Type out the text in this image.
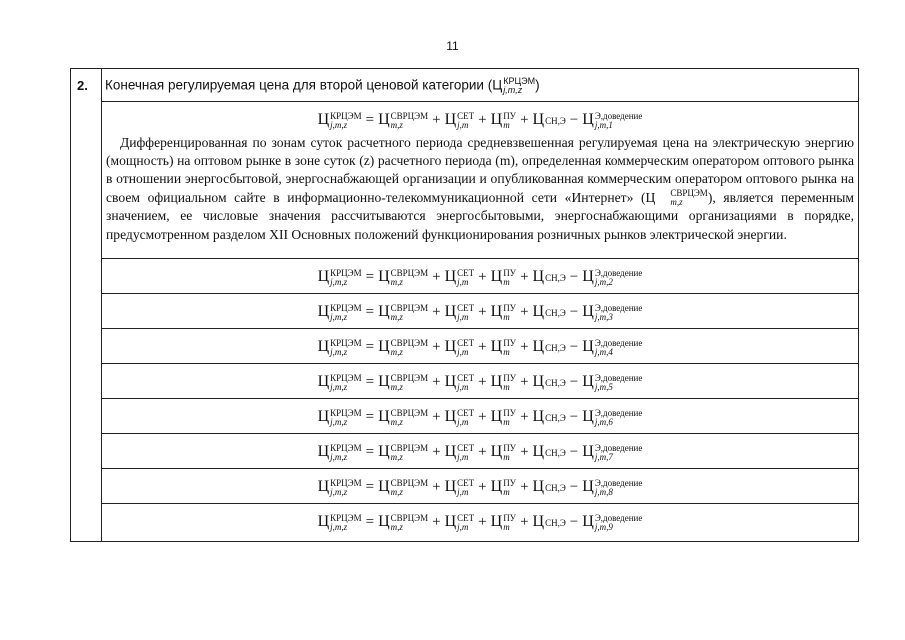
11
2.	Конечная регулируемая цена для второй ценовой категории (Ц КРЦЭМ
j,m,z )
Ц КРЦЭМ
j,m,z	= Ц СВРЦЭМ
m,z	+ Ц СЕТ
j,m + Ц ПУ
m + Ц СН,Э − Ц Э,доведение
j,m,1
Дифференцированная по зонам суток расчетного периода средневзвешенная регулируемая цена на электрическую энергию (мощность) на оптовом рынке в зоне суток (z) расчетного периода (m), определенная коммерческим оператором оптового рынка в отношении энергосбытовой, энергоснабжающей организации и опубликованная коммерческим оператором оптового рынка на своем официальном сайте в информационно-телекоммуникационной сети «Интернет» (Ц	СВРЦЭМ
m,z	), является переменным значением, ее числовые значения рассчитываются энергосбытовыми, энергоснабжающими организациями в порядке, предусмотренном разделом XII Основных положений функционирования розничных рынков электрической энергии.
Ц КРЦЭМ
j,m,z	= Ц СВРЦЭМ
m,z	+ Ц СЕТ
j,m + Ц ПУ
m + Ц СН,Э − Ц Э,доведение
j,m,2
Ц КРЦЭМ
j,m,z	= Ц СВРЦЭМ
m,z	+ Ц СЕТ
j,m + Ц ПУ
m + Ц СН,Э − Ц Э,доведение
j,m,3
Ц КРЦЭМ
j,m,z	= Ц СВРЦЭМ
m,z	+ Ц СЕТ
j,m + Ц ПУ
m + Ц СН,Э − Ц Э,доведение
j,m,4
Ц КРЦЭМ
j,m,z	= Ц СВРЦЭМ
m,z	+ Ц СЕТ
j,m + Ц ПУ
m + Ц СН,Э − Ц Э,доведение
j,m,5
Ц КРЦЭМ
j,m,z	= Ц СВРЦЭМ
m,z	+ Ц СЕТ
j,m + Ц ПУ
m + Ц СН,Э − Ц Э,доведение
j,m,6
Ц КРЦЭМ
j,m,z	= Ц СВРЦЭМ
m,z	+ Ц СЕТ
j,m + Ц ПУ
m + Ц СН,Э − Ц Э,доведение
j,m,7
Ц КРЦЭМ
j,m,z	= Ц СВРЦЭМ
m,z	+ Ц СЕТ
j,m + Ц ПУ
m + Ц СН,Э − Ц Э,доведение
j,m,8
Ц КРЦЭМ
j,m,z	= Ц СВРЦЭМ
m,z	+ Ц СЕТ
j,m + Ц ПУ
m + Ц СН,Э − Ц Э,доведение
j,m,9
